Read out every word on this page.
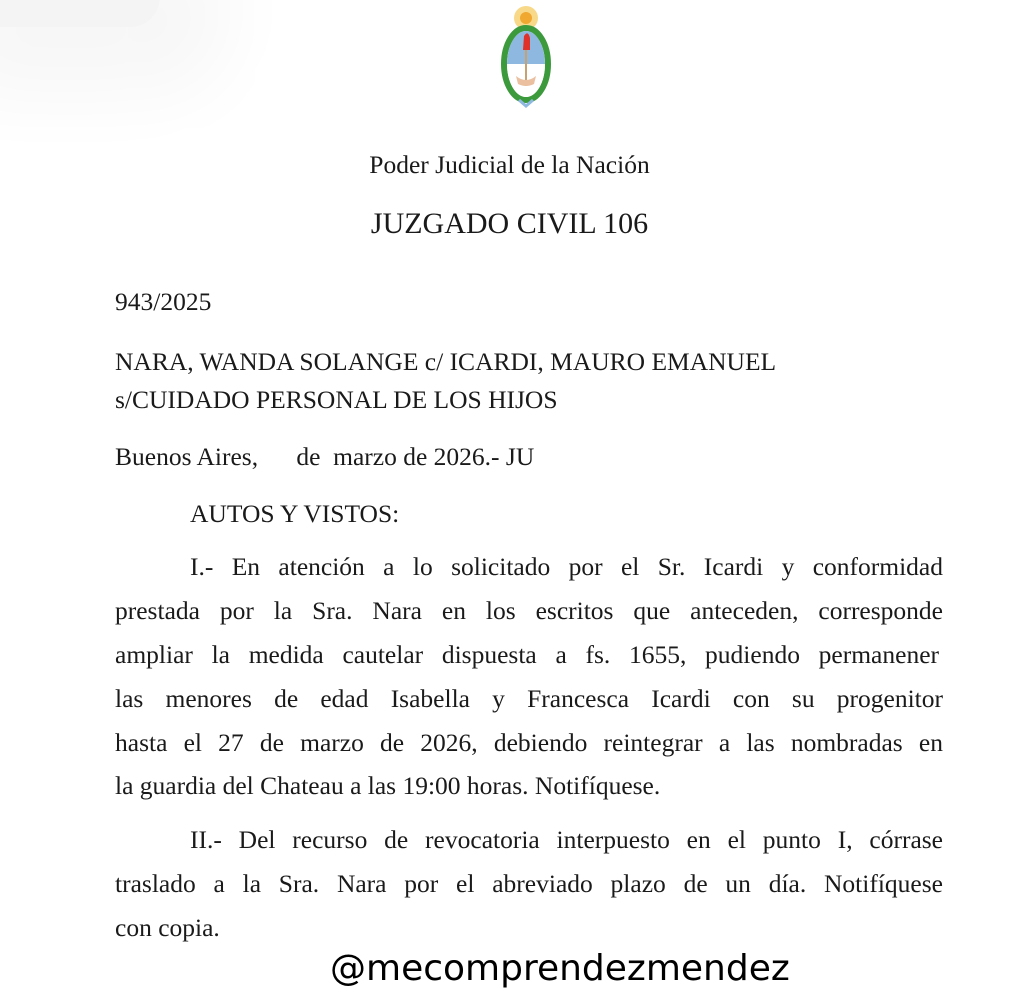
Poder Judicial de la Nación
JUZGADO CIVIL 106
943/2025
NARA, WANDA SOLANGE c/ ICARDI, MAURO EMANUEL
s/CUIDADO PERSONAL DE LOS HIJOS
Buenos Aires,      de  marzo de 2026.- JU
AUTOS Y VISTOS:
I.- En atención a lo solicitado por el Sr. Icardi y conformidad
prestada por la Sra. Nara en los escritos que anteceden, corresponde
ampliar la medida cautelar dispuesta a fs. 1655, pudiendo permanener
las menores de edad Isabella y Francesca Icardi con su progenitor
hasta el 27 de marzo de 2026, debiendo reintegrar a las nombradas en
la guardia del Chateau a las 19:00 horas. Notifíquese.
II.- Del recurso de revocatoria interpuesto en el punto I, córrase
traslado a la Sra. Nara por el abreviado plazo de un día. Notifíquese
con copia.
@mecomprendezmendez
